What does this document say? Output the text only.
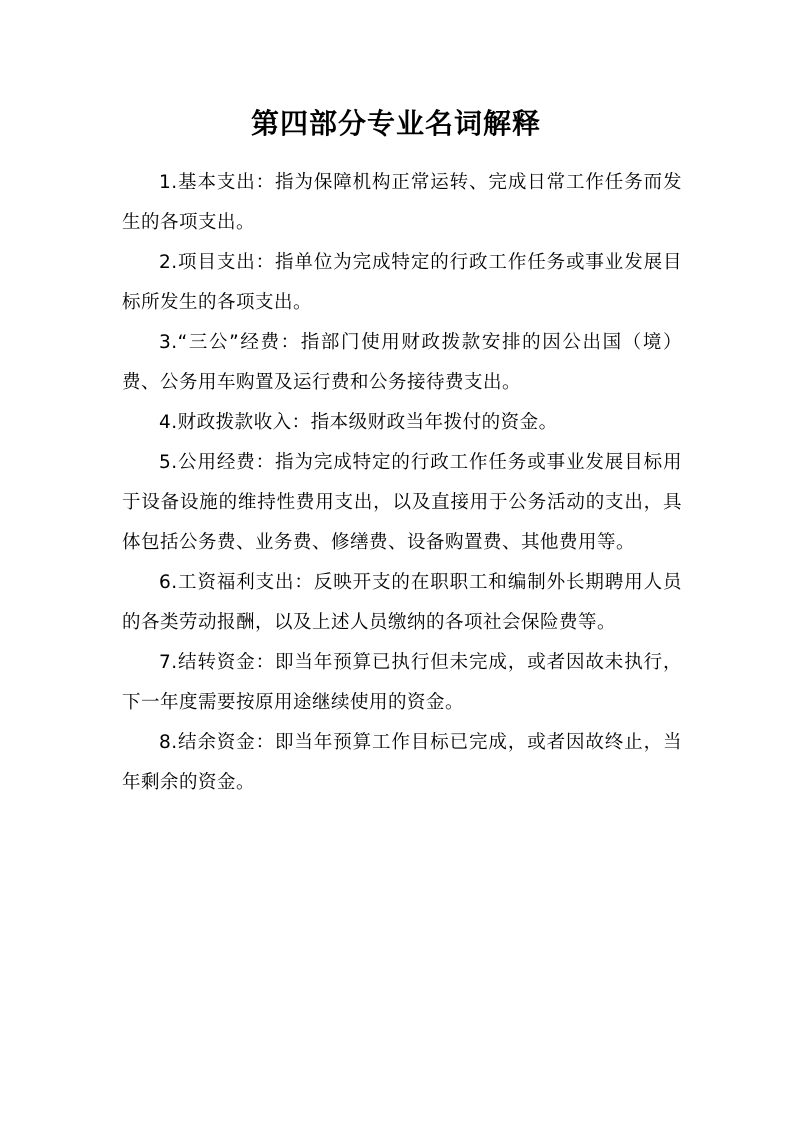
第四部分专业名词解释

1.基本支出：指为保障机构正常运转、完成日常工作任务而发生的各项支出。

2.项目支出：指单位为完成特定的行政工作任务或事业发展目标所发生的各项支出。

3.“三公”经费：指部门使用财政拨款安排的因公出国（境）费、公务用车购置及运行费和公务接待费支出。

4.财政拨款收入：指本级财政当年拨付的资金。

5.公用经费：指为完成特定的行政工作任务或事业发展目标用于设备设施的维持性费用支出，以及直接用于公务活动的支出，具体包括公务费、业务费、修缮费、设备购置费、其他费用等。

6.工资福利支出：反映开支的在职职工和编制外长期聘用人员的各类劳动报酬，以及上述人员缴纳的各项社会保险费等。

7.结转资金：即当年预算已执行但未完成，或者因故未执行，下一年度需要按原用途继续使用的资金。

8.结余资金：即当年预算工作目标已完成，或者因故终止，当年剩余的资金。
